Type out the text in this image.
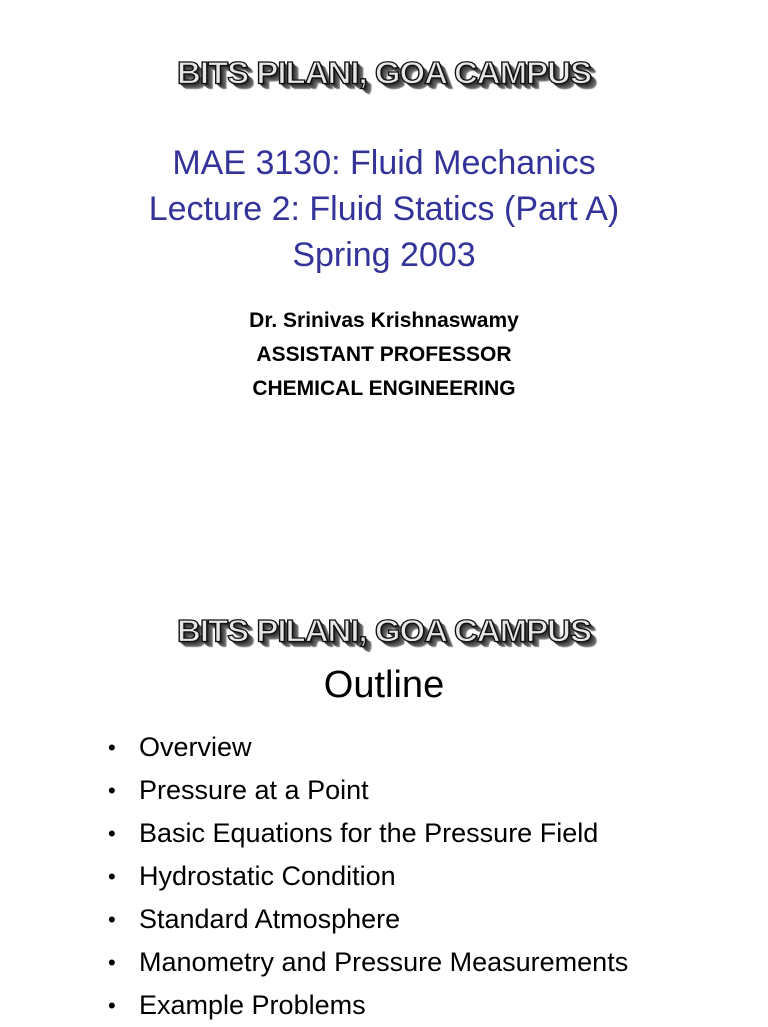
BITS PILANI, GOA CAMPUS
MAE 3130: Fluid Mechanics
Lecture 2: Fluid Statics (Part A)
Spring 2003
Dr. Srinivas Krishnaswamy
ASSISTANT PROFESSOR
CHEMICAL ENGINEERING
BITS PILANI, GOA CAMPUS
Outline
• Overview
• Pressure at a Point
• Basic Equations for the Pressure Field
• Hydrostatic Condition
• Standard Atmosphere
• Manometry and Pressure Measurements
• Example Problems
